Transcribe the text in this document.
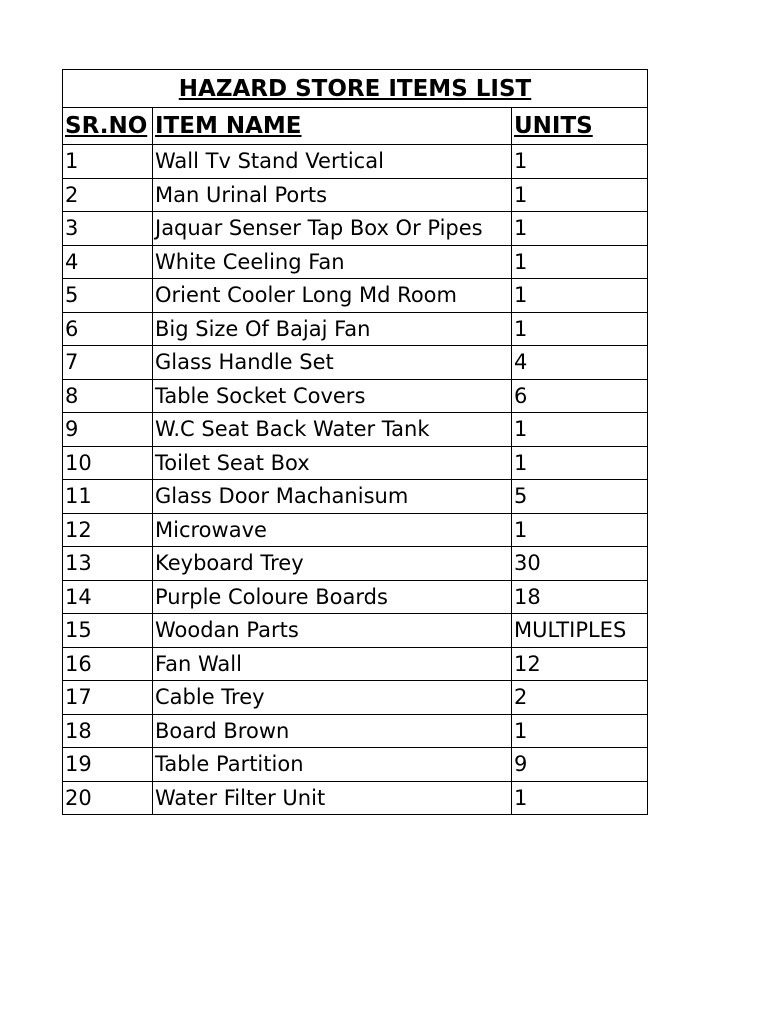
HAZARD STORE ITEMS LIST		
SR.NO	ITEM NAME	UNITS
1	Wall Tv Stand Vertical	1
2	Man Urinal Ports	1
3	Jaquar Senser Tap Box Or Pipes	1
4	White Ceeling Fan	1
5	Orient Cooler Long Md Room	1
6	Big Size Of Bajaj Fan	1
7	Glass Handle Set	4
8	Table Socket Covers	6
9	W.C Seat Back Water Tank	1
10	Toilet Seat Box	1
11	Glass Door Machanisum	5
12	Microwave	1
13	Keyboard Trey	30
14	Purple Coloure Boards	18
15	Woodan Parts	MULTIPLES
16	Fan Wall	12
17	Cable Trey	2
18	Board Brown	1
19	Table Partition	9
20	Water Filter Unit	1
